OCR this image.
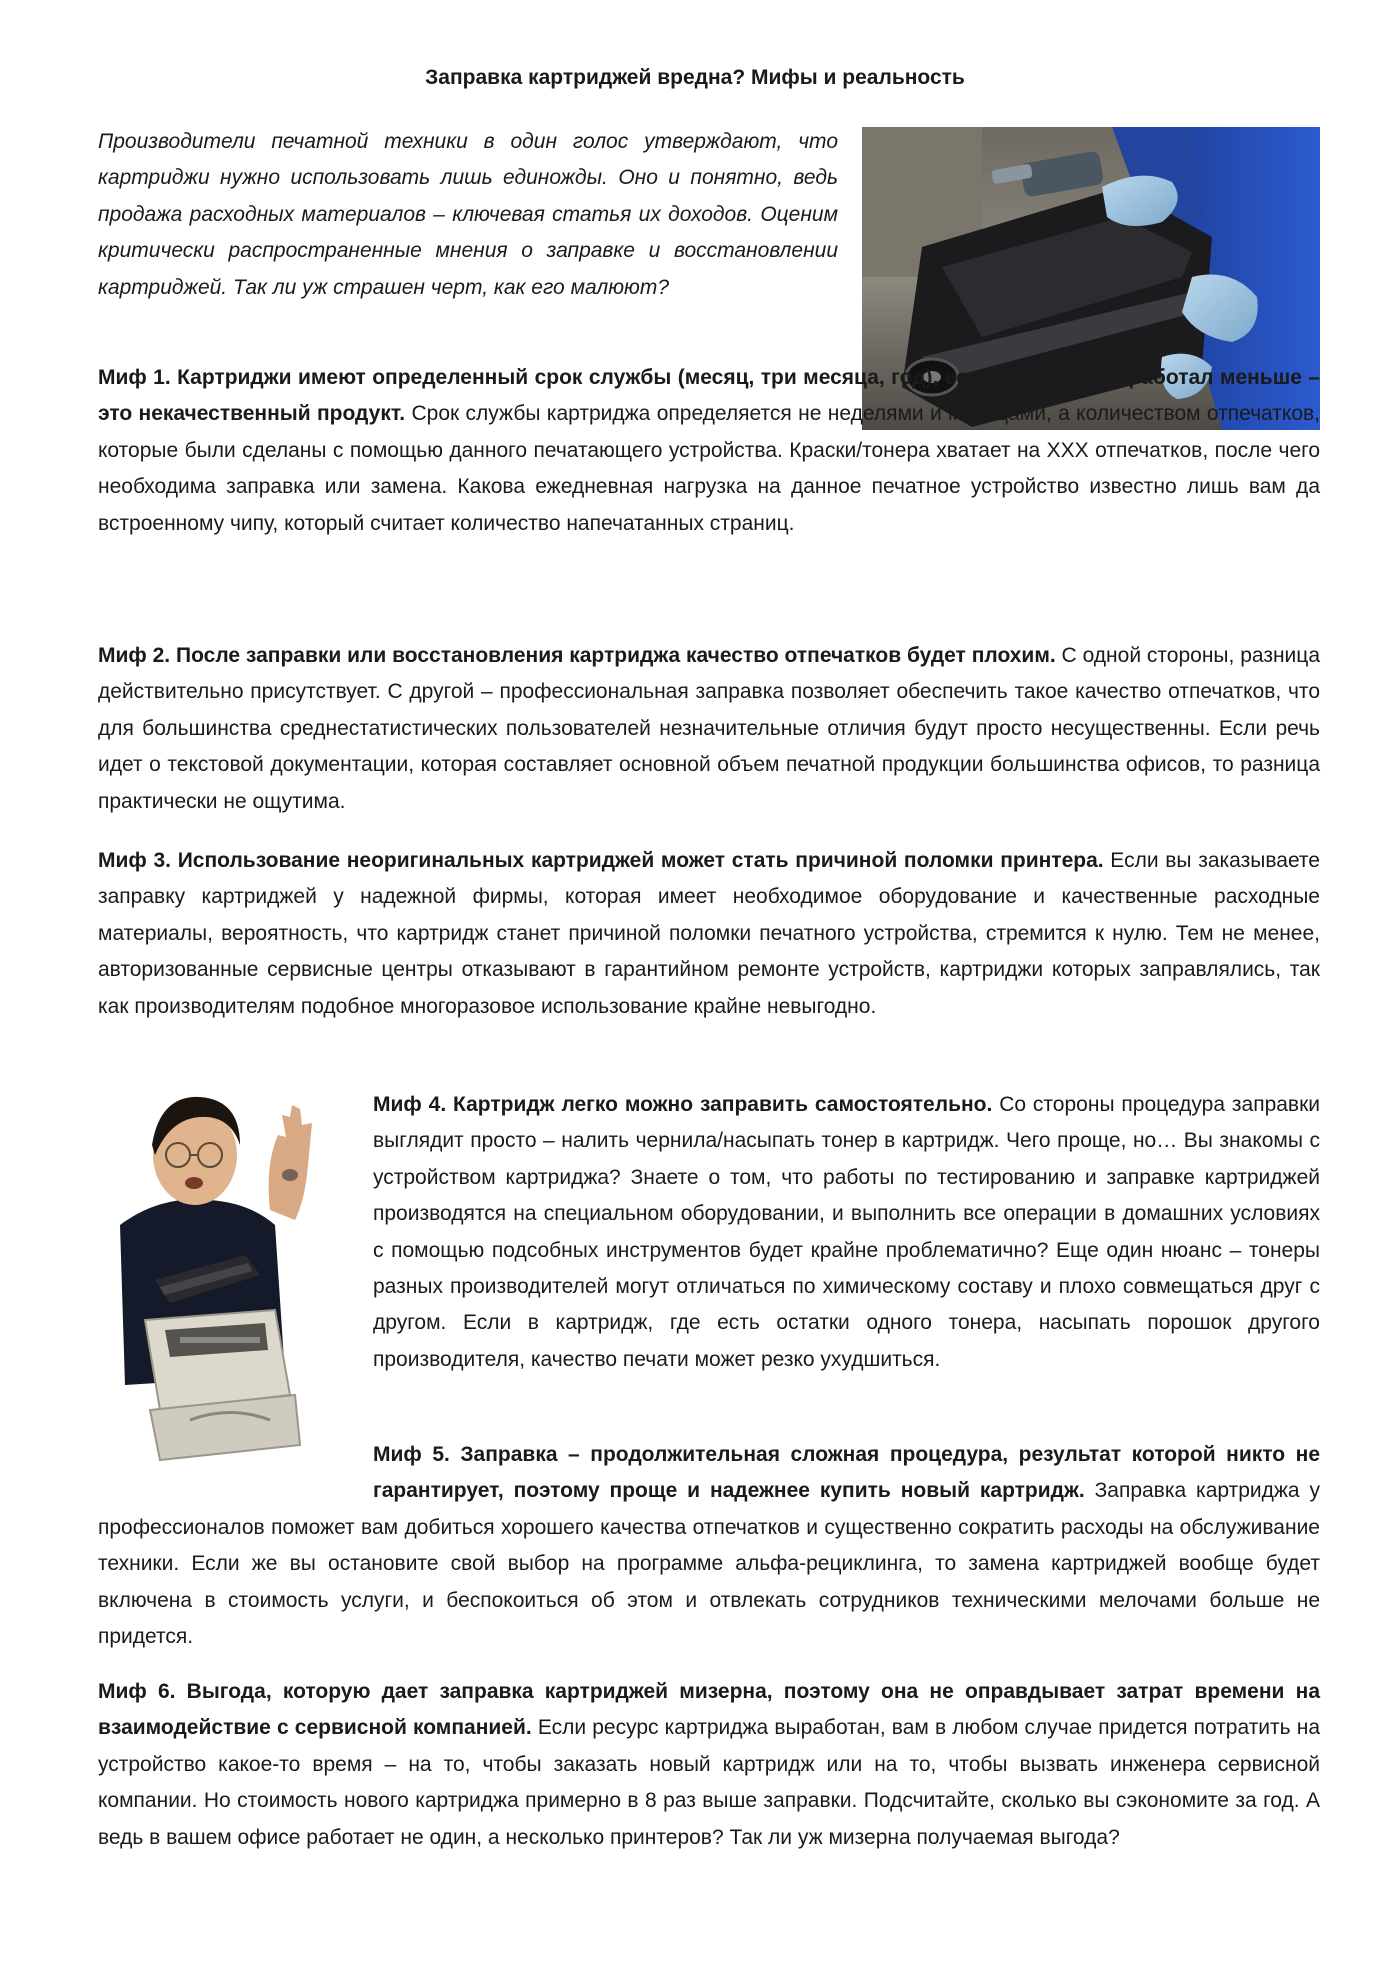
Заправка картриджей вредна? Мифы и реальность

Производители печатной техники в один голос утверждают, что картриджи нужно использовать лишь единожды. Оно и понятно, ведь продажа расходных материалов – ключевая статья их доходов. Оценим критически распространенные мнения о заправке и восстановлении картриджей. Так ли уж страшен черт, как его малюют?

Миф 1. Картриджи имеют определенный срок службы (месяц, три месяца, год), если картридж отработал меньше – это некачественный продукт. Срок службы картриджа определяется не неделями и месяцами, а количеством отпечатков, которые были сделаны с помощью данного печатающего устройства. Краски/тонера хватает на ХХХ отпечатков, после чего необходима заправка или замена. Какова ежедневная нагрузка на данное печатное устройство известно лишь вам да встроенному чипу, который считает количество напечатанных страниц.

Миф 2. После заправки или восстановления картриджа качество отпечатков будет плохим. С одной стороны, разница действительно присутствует. С другой – профессиональная заправка позволяет обеспечить такое качество отпечатков, что для большинства среднестатистических пользователей незначительные отличия будут просто несущественны. Если речь идет о текстовой документации, которая составляет основной объем печатной продукции большинства офисов, то разница практически не ощутима.

Миф 3. Использование неоригинальных картриджей может стать причиной поломки принтера. Если вы заказываете заправку картриджей у надежной фирмы, которая имеет необходимое оборудование и качественные расходные материалы, вероятность, что картридж станет причиной поломки печатного устройства, стремится к нулю. Тем не менее, авторизованные сервисные центры отказывают в гарантийном ремонте устройств, картриджи которых заправлялись, так как производителям подобное многоразовое использование крайне невыгодно.

Миф 4. Картридж легко можно заправить самостоятельно. Со стороны процедура заправки выглядит просто – налить чернила/насыпать тонер в картридж. Чего проще, но… Вы знакомы с устройством картриджа? Знаете о том, что работы по тестированию и заправке картриджей производятся на специальном оборудовании, и выполнить все операции в домашних условиях с помощью подсобных инструментов будет крайне проблематично? Еще один нюанс – тонеры разных производителей могут отличаться по химическому составу и плохо совмещаться друг с другом. Если в картридж, где есть остатки одного тонера, насыпать порошок другого производителя, качество печати может резко ухудшиться.

Миф 5. Заправка – продолжительная сложная процедура, результат которой никто не гарантирует, поэтому проще и надежнее купить новый картридж. Заправка картриджа у профессионалов поможет вам добиться хорошего качества отпечатков и существенно сократить расходы на обслуживание техники. Если же вы остановите свой выбор на программе альфа-рециклинга, то замена картриджей вообще будет включена в стоимость услуги, и беспокоиться об этом и отвлекать сотрудников техническими мелочами больше не придется.

Миф 6. Выгода, которую дает заправка картриджей мизерна, поэтому она не оправдывает затрат времени на взаимодействие с сервисной компанией. Если ресурс картриджа выработан, вам в любом случае придется потратить на устройство какое-то время – на то, чтобы заказать новый картридж или на то, чтобы вызвать инженера сервисной компании. Но стоимость нового картриджа примерно в 8 раз выше заправки. Подсчитайте, сколько вы сэкономите за год. А ведь в вашем офисе работает не один, а несколько принтеров? Так ли уж мизерна получаемая выгода?
